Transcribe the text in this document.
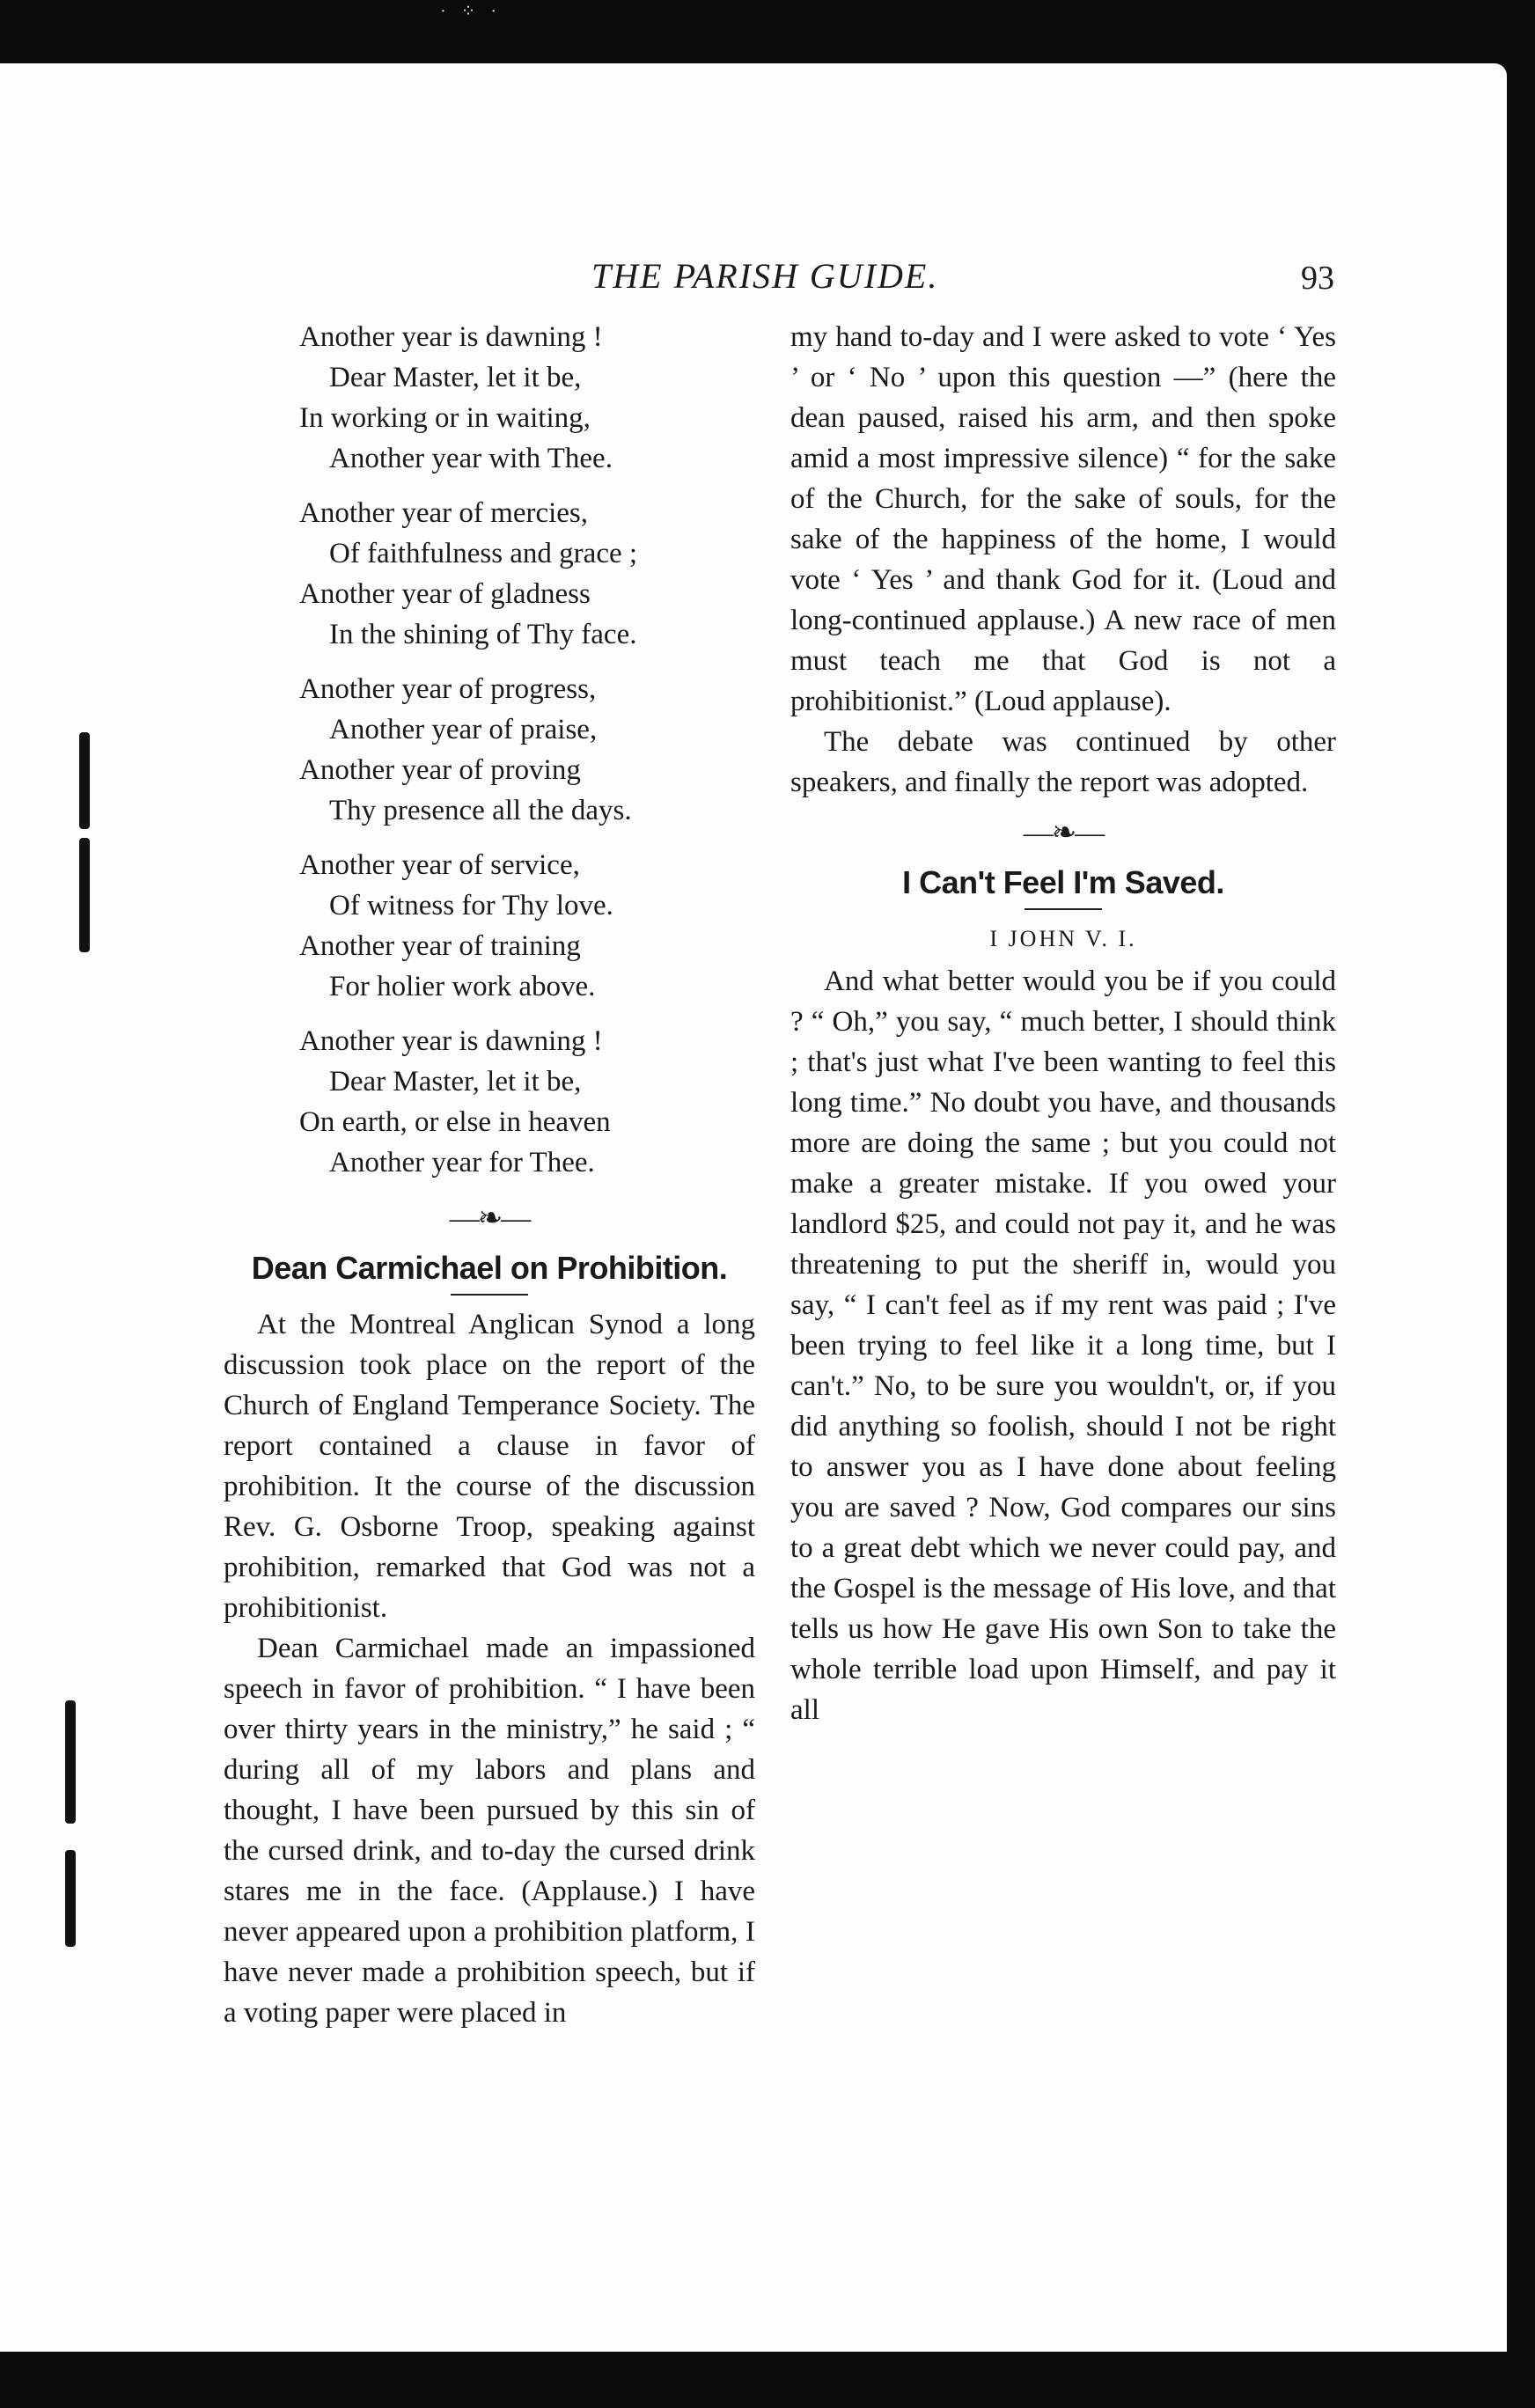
· ⁘ ·
THE PARISH GUIDE.	93
Another year is dawning !
Dear Master, let it be,
In working or in waiting,
Another year with Thee.
Another year of mercies,
Of faithfulness and grace ;
Another year of gladness
In the shining of Thy face.
Another year of progress,
Another year of praise,
Another year of proving
Thy presence all the days.
Another year of service,
Of witness for Thy love.
Another year of training
For holier work above.
Another year is dawning !
Dear Master, let it be,
On earth, or else in heaven
Another year for Thee.
—❧—
Dean Carmichael on Prohibition.

At the Montreal Anglican Synod a long discussion took place on the report of the Church of England Temperance Society. The report contained a clause in favor of prohibition. It the course of the discussion Rev. G. Osborne Troop, speaking against prohibition, remarked that God was not a prohibitionist.

Dean Carmichael made an impassioned speech in favor of prohibition. “ I have been over thirty years in the ministry,” he said ; “ during all of my labors and plans and thought, I have been pursued by this sin of the cursed drink, and to-day the cursed drink stares me in the face. (Applause.) I have never appeared upon a prohibition platform, I have never made a prohibition speech, but if a voting paper were placed in

my hand to-day and I were asked to vote ‘ Yes ’ or ‘ No ’ upon this question —” (here the dean paused, raised his arm, and then spoke amid a most impressive silence) “ for the sake of the Church, for the sake of souls, for the sake of the happiness of the home, I would vote ‘ Yes ’ and thank God for it. (Loud and long-continued applause.) A new race of men must teach me that God is not a prohibitionist.” (Loud applause).

The debate was continued by other speakers, and finally the report was adopted.

—❧—
I Can't Feel I'm Saved.
I JOHN V. I.

And what better would you be if you could ? “ Oh,” you say, “ much better, I should think ; that's just what I've been wanting to feel this long time.” No doubt you have, and thousands more are doing the same ; but you could not make a greater mistake. If you owed your landlord $25, and could not pay it, and he was threatening to put the sheriff in, would you say, “ I can't feel as if my rent was paid ; I've been trying to feel like it a long time, but I can't.” No, to be sure you wouldn't, or, if you did anything so foolish, should I not be right to answer you as I have done about feeling you are saved ? Now, God compares our sins to a great debt which we never could pay, and the Gospel is the message of His love, and that tells us how He gave His own Son to take the whole terrible load upon Himself, and pay it all
